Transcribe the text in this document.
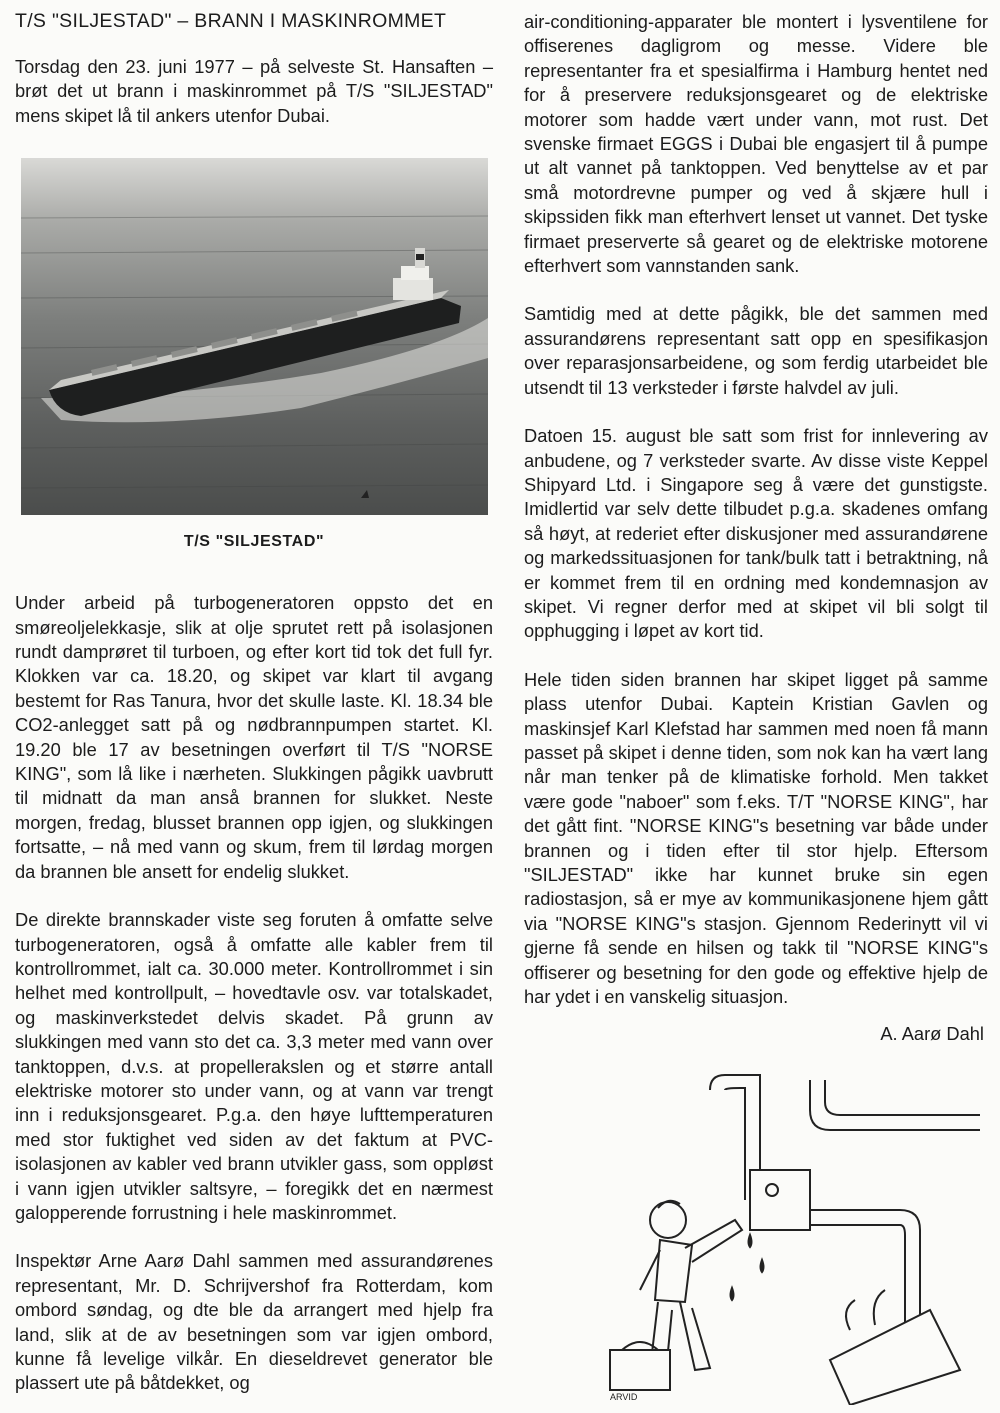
T/S "SILJESTAD" – BRANN I MASKINROMMET

Torsdag den 23. juni 1977 – på selveste St. Hansaften – brøt det ut brann i maskinrommet på T/S "SILJESTAD" mens skipet lå til ankers utenfor Dubai.

T/S "SILJESTAD"

Under arbeid på turbogeneratoren oppsto det en smøreoljelekkasje, slik at olje sprutet rett på isolasjonen rundt damprøret til turboen, og efter kort tid tok det full fyr. Klokken var ca. 18.20, og skipet var klart til avgang bestemt for Ras Tanura, hvor det skulle laste. Kl. 18.34 ble CO2-anlegget satt på og nødbrannpumpen startet. Kl. 19.20 ble 17 av besetningen overført til T/S "NORSE KING", som lå like i nærheten. Slukkingen pågikk uavbrutt til midnatt da man anså brannen for slukket. Neste morgen, fredag, blusset brannen opp igjen, og slukkingen fortsatte, – nå med vann og skum, frem til lørdag morgen da brannen ble ansett for endelig slukket.

De direkte brannskader viste seg foruten å omfatte selve turbogeneratoren, også å omfatte alle kabler frem til kontrollrommet, ialt ca. 30.000 meter. Kontrollrommet i sin helhet med kontrollpult, – hovedtavle osv. var totalskadet, og maskinverkstedet delvis skadet. På grunn av slukkingen med vann sto det ca. 3,3 meter med vann over tanktoppen, d.v.s. at propellerakslen og et større antall elektriske motorer sto under vann, og at vann var trengt inn i reduksjonsgearet. P.g.a. den høye lufttemperaturen med stor fuktighet ved siden av det faktum at PVC-isolasjonen av kabler ved brann utvikler gass, som oppløst i vann igjen utvikler saltsyre, – foregikk det en nærmest galopperende forrustning i hele maskinrommet.

Inspektør Arne Aarø Dahl sammen med assurandørenes representant, Mr. D. Schrijvershof fra Rotterdam, kom ombord søndag, og dte ble da arrangert med hjelp fra land, slik at de av besetningen som var igjen ombord, kunne få levelige vilkår. En dieseldrevet generator ble plassert ute på båtdekket, og

air-conditioning-apparater ble montert i lysventilene for offiserenes dagligrom og messe. Videre ble representanter fra et spesialfirma i Hamburg hentet ned for å preservere reduksjonsgearet og de elektriske motorer som hadde vært under vann, mot rust. Det svenske firmaet EGGS i Dubai ble engasjert til å pumpe ut alt vannet på tanktoppen. Ved benyttelse av et par små motordrevne pumper og ved å skjære hull i skipssiden fikk man efterhvert lenset ut vannet. Det tyske firmaet preserverte så gearet og de elektriske motorene efterhvert som vannstanden sank.

Samtidig med at dette pågikk, ble det sammen med assurandørens representant satt opp en spesifikasjon over reparasjonsarbeidene, og som ferdig utarbeidet ble utsendt til 13 verksteder i første halvdel av juli.

Datoen 15. august ble satt som frist for innlevering av anbudene, og 7 verksteder svarte. Av disse viste Keppel Shipyard Ltd. i Singapore seg å være det gunstigste. Imidlertid var selv dette tilbudet p.g.a. skadenes omfang så høyt, at rederiet efter diskusjoner med assurandørene og markedssituasjonen for tank/bulk tatt i betraktning, nå er kommet frem til en ordning med kondemnasjon av skipet. Vi regner derfor med at skipet vil bli solgt til opphugging i løpet av kort tid.

Hele tiden siden brannen har skipet ligget på samme plass utenfor Dubai. Kaptein Kristian Gavlen og maskinsjef Karl Klefstad har sammen med noen få mann passet på skipet i denne tiden, som nok kan ha vært lang når man tenker på de klimatiske forhold. Men takket være gode "naboer" som f.eks. T/T "NORSE KING", har det gått fint. "NORSE KING"s besetning var både under brannen og i tiden efter til stor hjelp. Eftersom "SILJESTAD" ikke har kunnet bruke sin egen radiostasjon, så er mye av kommunikasjonene hjem gått via "NORSE KING"s stasjon. Gjennom Rederinytt vil vi gjerne få sende en hilsen og takk til "NORSE KING"s offiserer og besetning for den gode og effektive hjelp de har ydet i en vanskelig situasjon.

A. Aarø Dahl
ARVID
